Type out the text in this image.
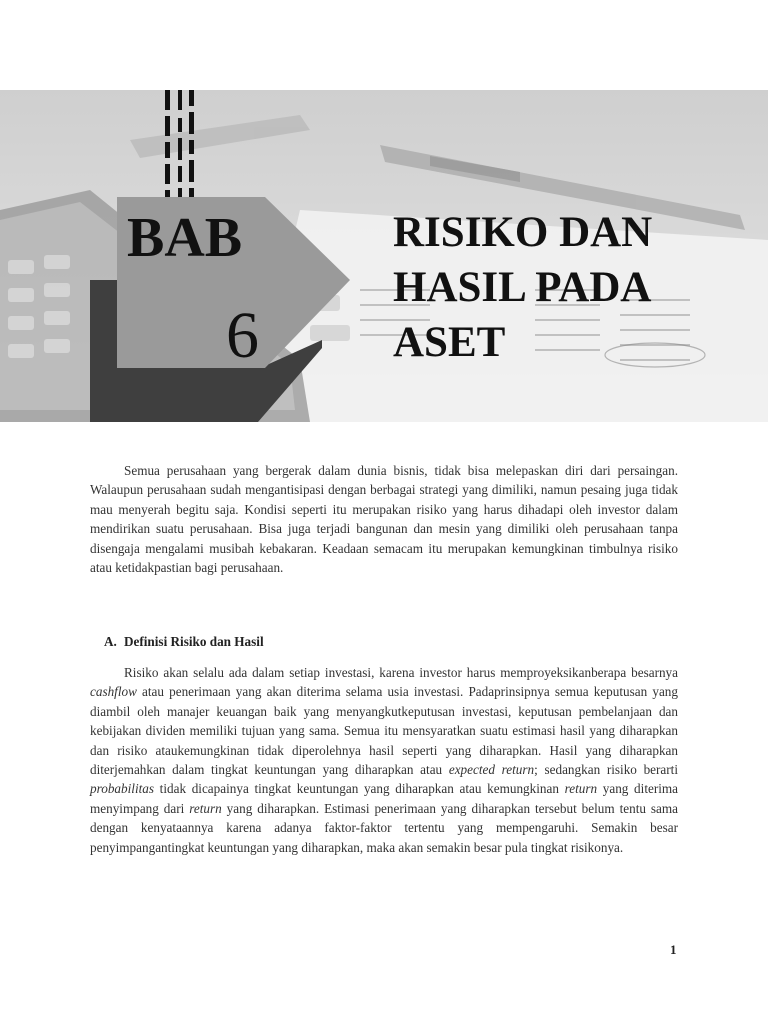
BAB
6
RISIKO DAN
HASIL PADA
ASET
Semua perusahaan yang bergerak dalam dunia bisnis, tidak bisa melepaskan diri dari persaingan. Walaupun perusahaan sudah mengantisipasi dengan berbagai strategi yang dimiliki, namun pesaing juga tidak mau menyerah begitu saja. Kondisi seperti itu merupakan risiko yang harus dihadapi oleh investor dalam mendirikan suatu perusahaan. Bisa juga terjadi bangunan dan mesin yang dimiliki oleh perusahaan tanpa disengaja mengalami musibah kebakaran. Keadaan semacam itu merupakan kemungkinan timbulnya risiko atau ketidakpastian bagi perusahaan.
A. Definisi Risiko dan Hasil
Risiko akan selalu ada dalam setiap investasi, karena investor harus memproyeksikanberapa besarnya cashflow atau penerimaan yang akan diterima selama usia investasi. Padaprinsipnya semua keputusan yang diambil oleh manajer keuangan baik yang menyangkutkeputusan investasi, keputusan pembelanjaan dan kebijakan dividen memiliki tujuan yang sama. Semua itu mensyaratkan suatu estimasi hasil yang diharapkan dan risiko ataukemungkinan tidak diperolehnya hasil seperti yang diharapkan. Hasil yang diharapkan diterjemahkan dalam tingkat keuntungan yang diharapkan atau expected return; sedangkan risiko berarti probabilitas tidak dicapainya tingkat keuntungan yang diharapkan atau kemungkinan return yang diterima menyimpang dari return yang diharapkan. Estimasi penerimaan yang diharapkan tersebut belum tentu sama dengan kenyataannya karena adanya faktor-faktor tertentu yang mempengaruhi. Semakin besar penyimpangantingkat keuntungan yang diharapkan, maka akan semakin besar pula tingkat risikonya.
1
